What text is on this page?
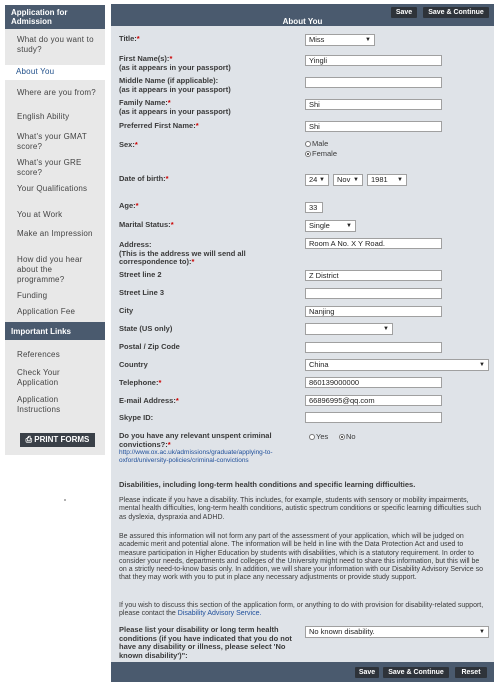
Application for Admission
What do you want to study?
About You
Where are you from?
English Ability
What's your GMAT score?
What's your GRE score?
Your Qualifications
You at Work
Make an Impression
How did you hear about the programme?
Funding
Application Fee
Important Links
References
Check Your Application
Application Instructions
⎙ PRINT FORMS
Save	Save & Continue
About You
Title:*	Miss	▼
First Name(s):*
(as it appears in your passport)
Yingli
Middle Name (if applicable):
(as it appears in your passport)
Family Name:*
(as it appears in your passport)
Shi
Preferred First Name:*	Shi
Sex:*	Male
Female
Date of birth:*	24 ▼	Nov ▼	1981 ▼
Age:*	33
Marital Status:*	Single	▼
Address:
(This is the address we will send all correspondence to):*
Room A No. X Y Road.
Street line 2	Z District
Street Line 3
City	Nanjing
State (US only)	▼
Postal / Zip Code
Country	China	▼
Telephone:*	860139000000
E-mail Address:*	66896995@qq.com
Skype ID:
Do you have any relevant unspent criminal convictions?:*
http://www.ox.ac.uk/admissions/graduate/applying-to-oxford/university-policies/criminal-convictions
Yes	No
Disabilities, including long-term health conditions and specific learning difficulties.
Please indicate if you have a disability. This includes, for example, students with sensory or mobility impairments, mental health difficulties, long-term health conditions, autistic spectrum conditions or specific learning difficulties such as dyslexia, dyspraxia and ADHD.
Be assured this information will not form any part of the assessment of your application, which will be judged on academic merit and potential alone. The information will be held in line with the Data Protection Act and used to measure participation in Higher Education by students with disabilities, which is a statutory requirement. In order to consider your needs, departments and colleges of the University might need to share this information, but this will be on a strictly need-to-know basis only. In addition, we will share your information with our Disability Advisory Service so that they may work with you to put in place any necessary adjustments or provide study support.
If you wish to discuss this section of the application form, or anything to do with provision for disability-related support, please contact the Disability Advisory Service.
Please list your disability or long term health conditions (if you have indicated that you do not have any disability or illness, please select 'No known disability')":
No known disability.	▼
Save	Save & Continue	Reset
